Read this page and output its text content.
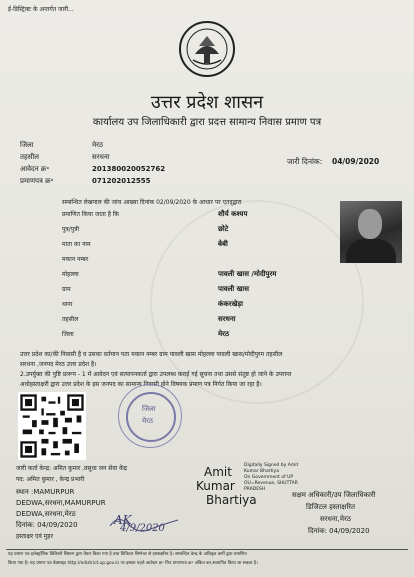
ई-डिस्ट्रिक्ट के अन्तर्गत जारी...
उत्तर प्रदेश शासन
कार्यालय उप जिलाधिकारी द्वारा प्रदत्त सामान्य निवास प्रमाण पत्र
जिला	मेरठ
तहसील	सरधना
आवेदन क्र॰	201380020052762
प्रमाणपत्र क्र॰	071202012555
जारी दिनांक: 04/09/2020
सम्बन्धित लेखपाल की जांच आख्या दिनांक 02/09/2020 के आधार पर एतद्‌द्वारा
प्रमाणित किया जाता है कि	शौर्य कश्यप
पुत्र/पुत्री	छोटे
माता का नाम	बेबी
मकान नम्बर
मोहल्ला	पावली खास /मोदीपुरम
ग्राम	पावली खास
थाना	कंकरखेड़ा
तहसील	सरधना
जिला	मेरठ
उत्तर प्रदेश का/की निवासी है व उसका वर्तमान पता मकान नम्बर ग्राम पावली खास मोहल्ला पावली खास/मोदीपुरम तहसील
सरधना ,जनपद मेरठ उत्तर प्रदेश है।
2.उपर्युक्त की पुष्टि प्रारूप - 1 में आवेदन एवं सत्यापनकर्ता द्वारा उपलब्ध कराई गई सूचना तथा उससे संतुष्ट हो जाने के उपरान्त
अधोहस्ताक्षरी द्वारा उत्तर प्रदेश के इस जनपद का सामान्य निवासी होने विषयक प्रमाण पत्र निर्गत किया जा रहा है।
जिला
मेरठ
जारी कर्ता केन्द्र: अमित कुमार ,वसुधा जन सेवा केंद्र
पद: अमित कुमार , केन्द्र प्रभारी
स्थान :MAMURPUR
DEDWA,सरधना,MAMURPUR
DEDWA,सरधना,मेरठ
दिनांक: 04/09/2020
हस्ताक्षर एवं मुहर
AK
4/9/2020
Amit
Kumar
Bhartiya
Digitally Signed by Amit
Kumar Bhartiya
On Government of UP
OU=Revenue, SHUTTAR
PRADESH
सक्षम अधिकारी/उप जिलाधिकारी
डिजिटल हस्ताक्षरित
सरधना,मेरठ
दिनांक: 04/09/2020
यह प्रमाण पत्र इलेक्ट्रॉनिक डिलिवरी सिस्टम द्वारा तैयार किया गया है तथा डिजिटल सिग्नेचर से हस्ताक्षरित है। सम्बन्धित केन्द्र के अधिकृत कर्मी द्वारा प्रमाणित
किया गया है। यह प्रमाण पत्र वेबसाइट http://edistrict.up.gov.in पर इसका पहले आवेदन क्र॰ फिर प्रमाणपत्र क्र॰ अंकित कर,सत्यापित किया जा सकता है।
